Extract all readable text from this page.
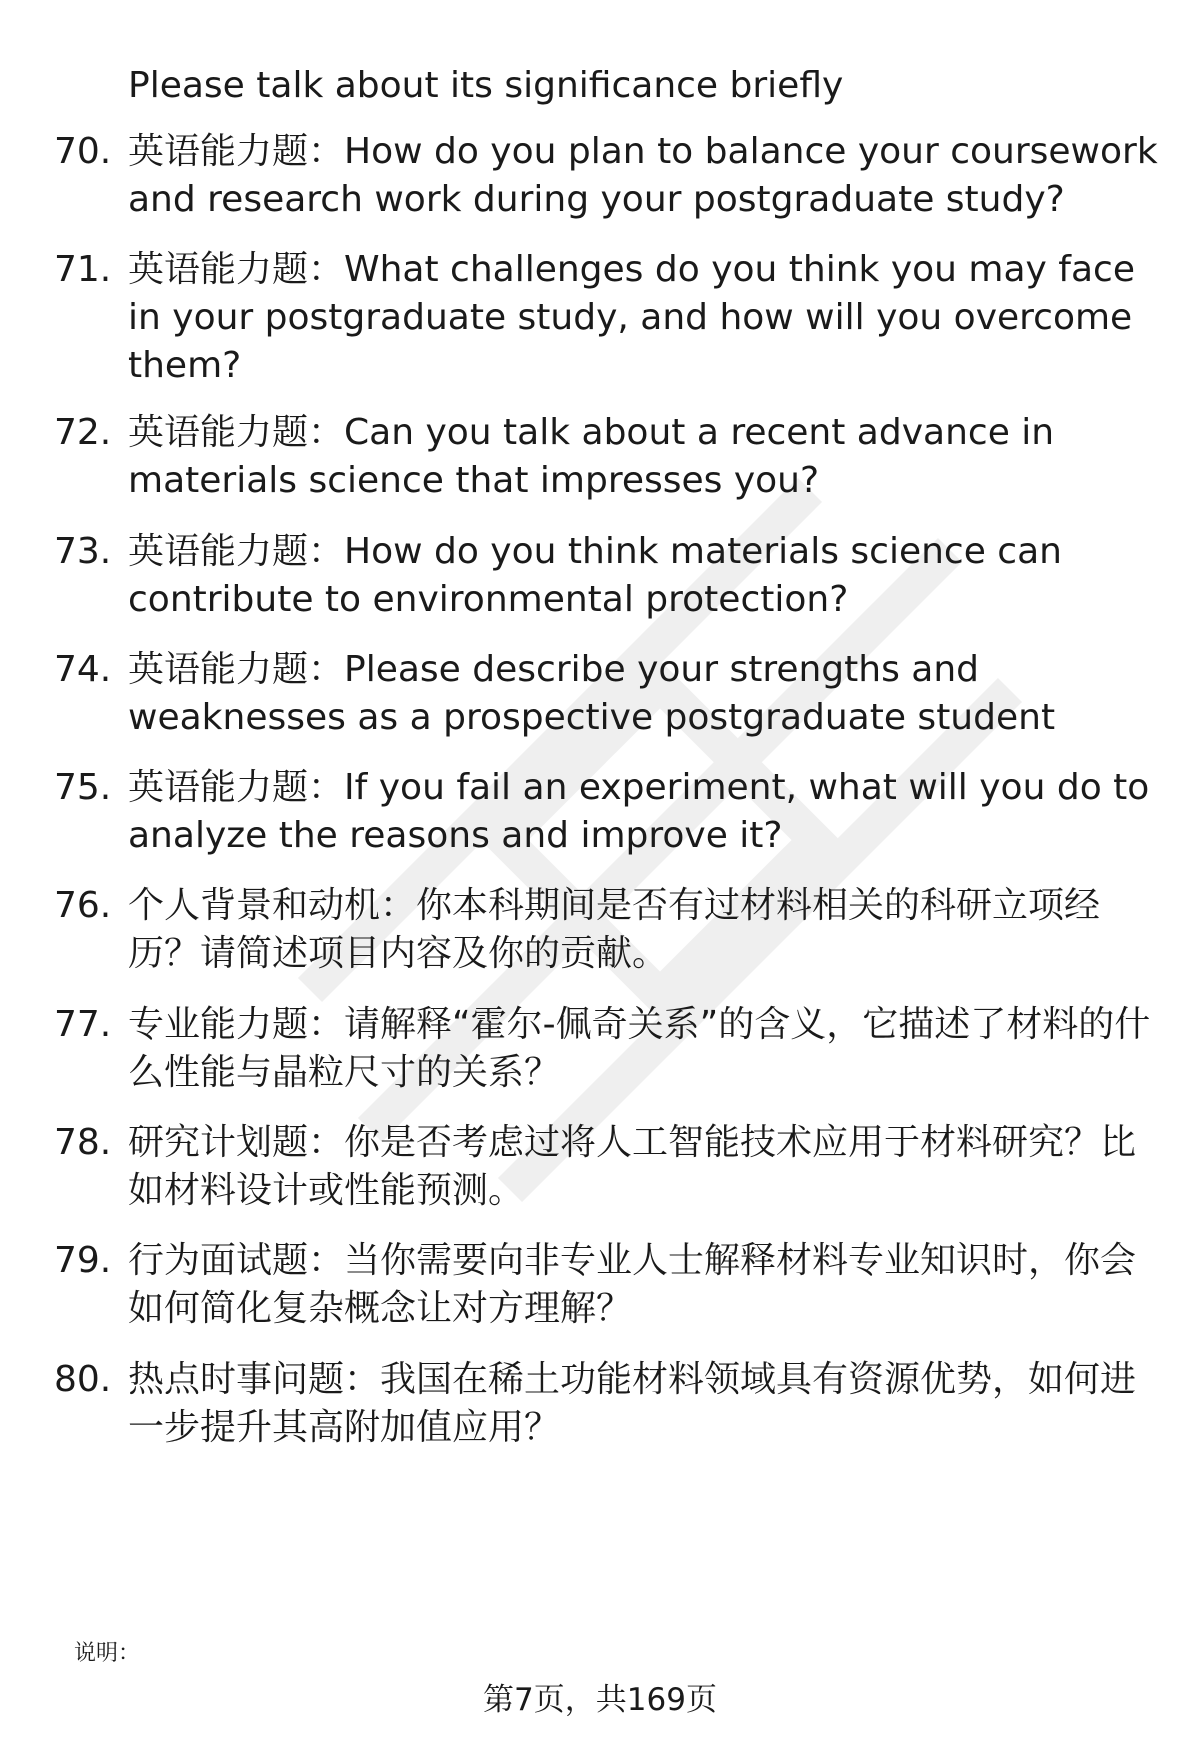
Please talk about its significance briefly
70. 英语能力题：How do you plan to balance your coursework and research work during your postgraduate study?
71. 英语能力题：What challenges do you think you may face in your postgraduate study, and how will you overcome them?
72. 英语能力题：Can you talk about a recent advance in materials science that impresses you?
73. 英语能力题：How do you think materials science can contribute to environmental protection?
74. 英语能力题：Please describe your strengths and weaknesses as a prospective postgraduate student
75. 英语能力题：If you fail an experiment, what will you do to analyze the reasons and improve it?
76. 个人背景和动机：你本科期间是否有过材料相关的科研立项经历？请简述项目内容及你的贡献。
77. 专业能力题：请解释“霍尔-佩奇关系”的含义，它描述了材料的什么性能与晶粒尺寸的关系？
78. 研究计划题：你是否考虑过将人工智能技术应用于材料研究？比如材料设计或性能预测。
79. 行为面试题：当你需要向非专业人士解释材料专业知识时，你会如何简化复杂概念让对方理解？
80. 热点时事问题：我国在稀土功能材料领域具有资源优势，如何进一步提升其高附加值应用？
说明：
第7页，共169页
